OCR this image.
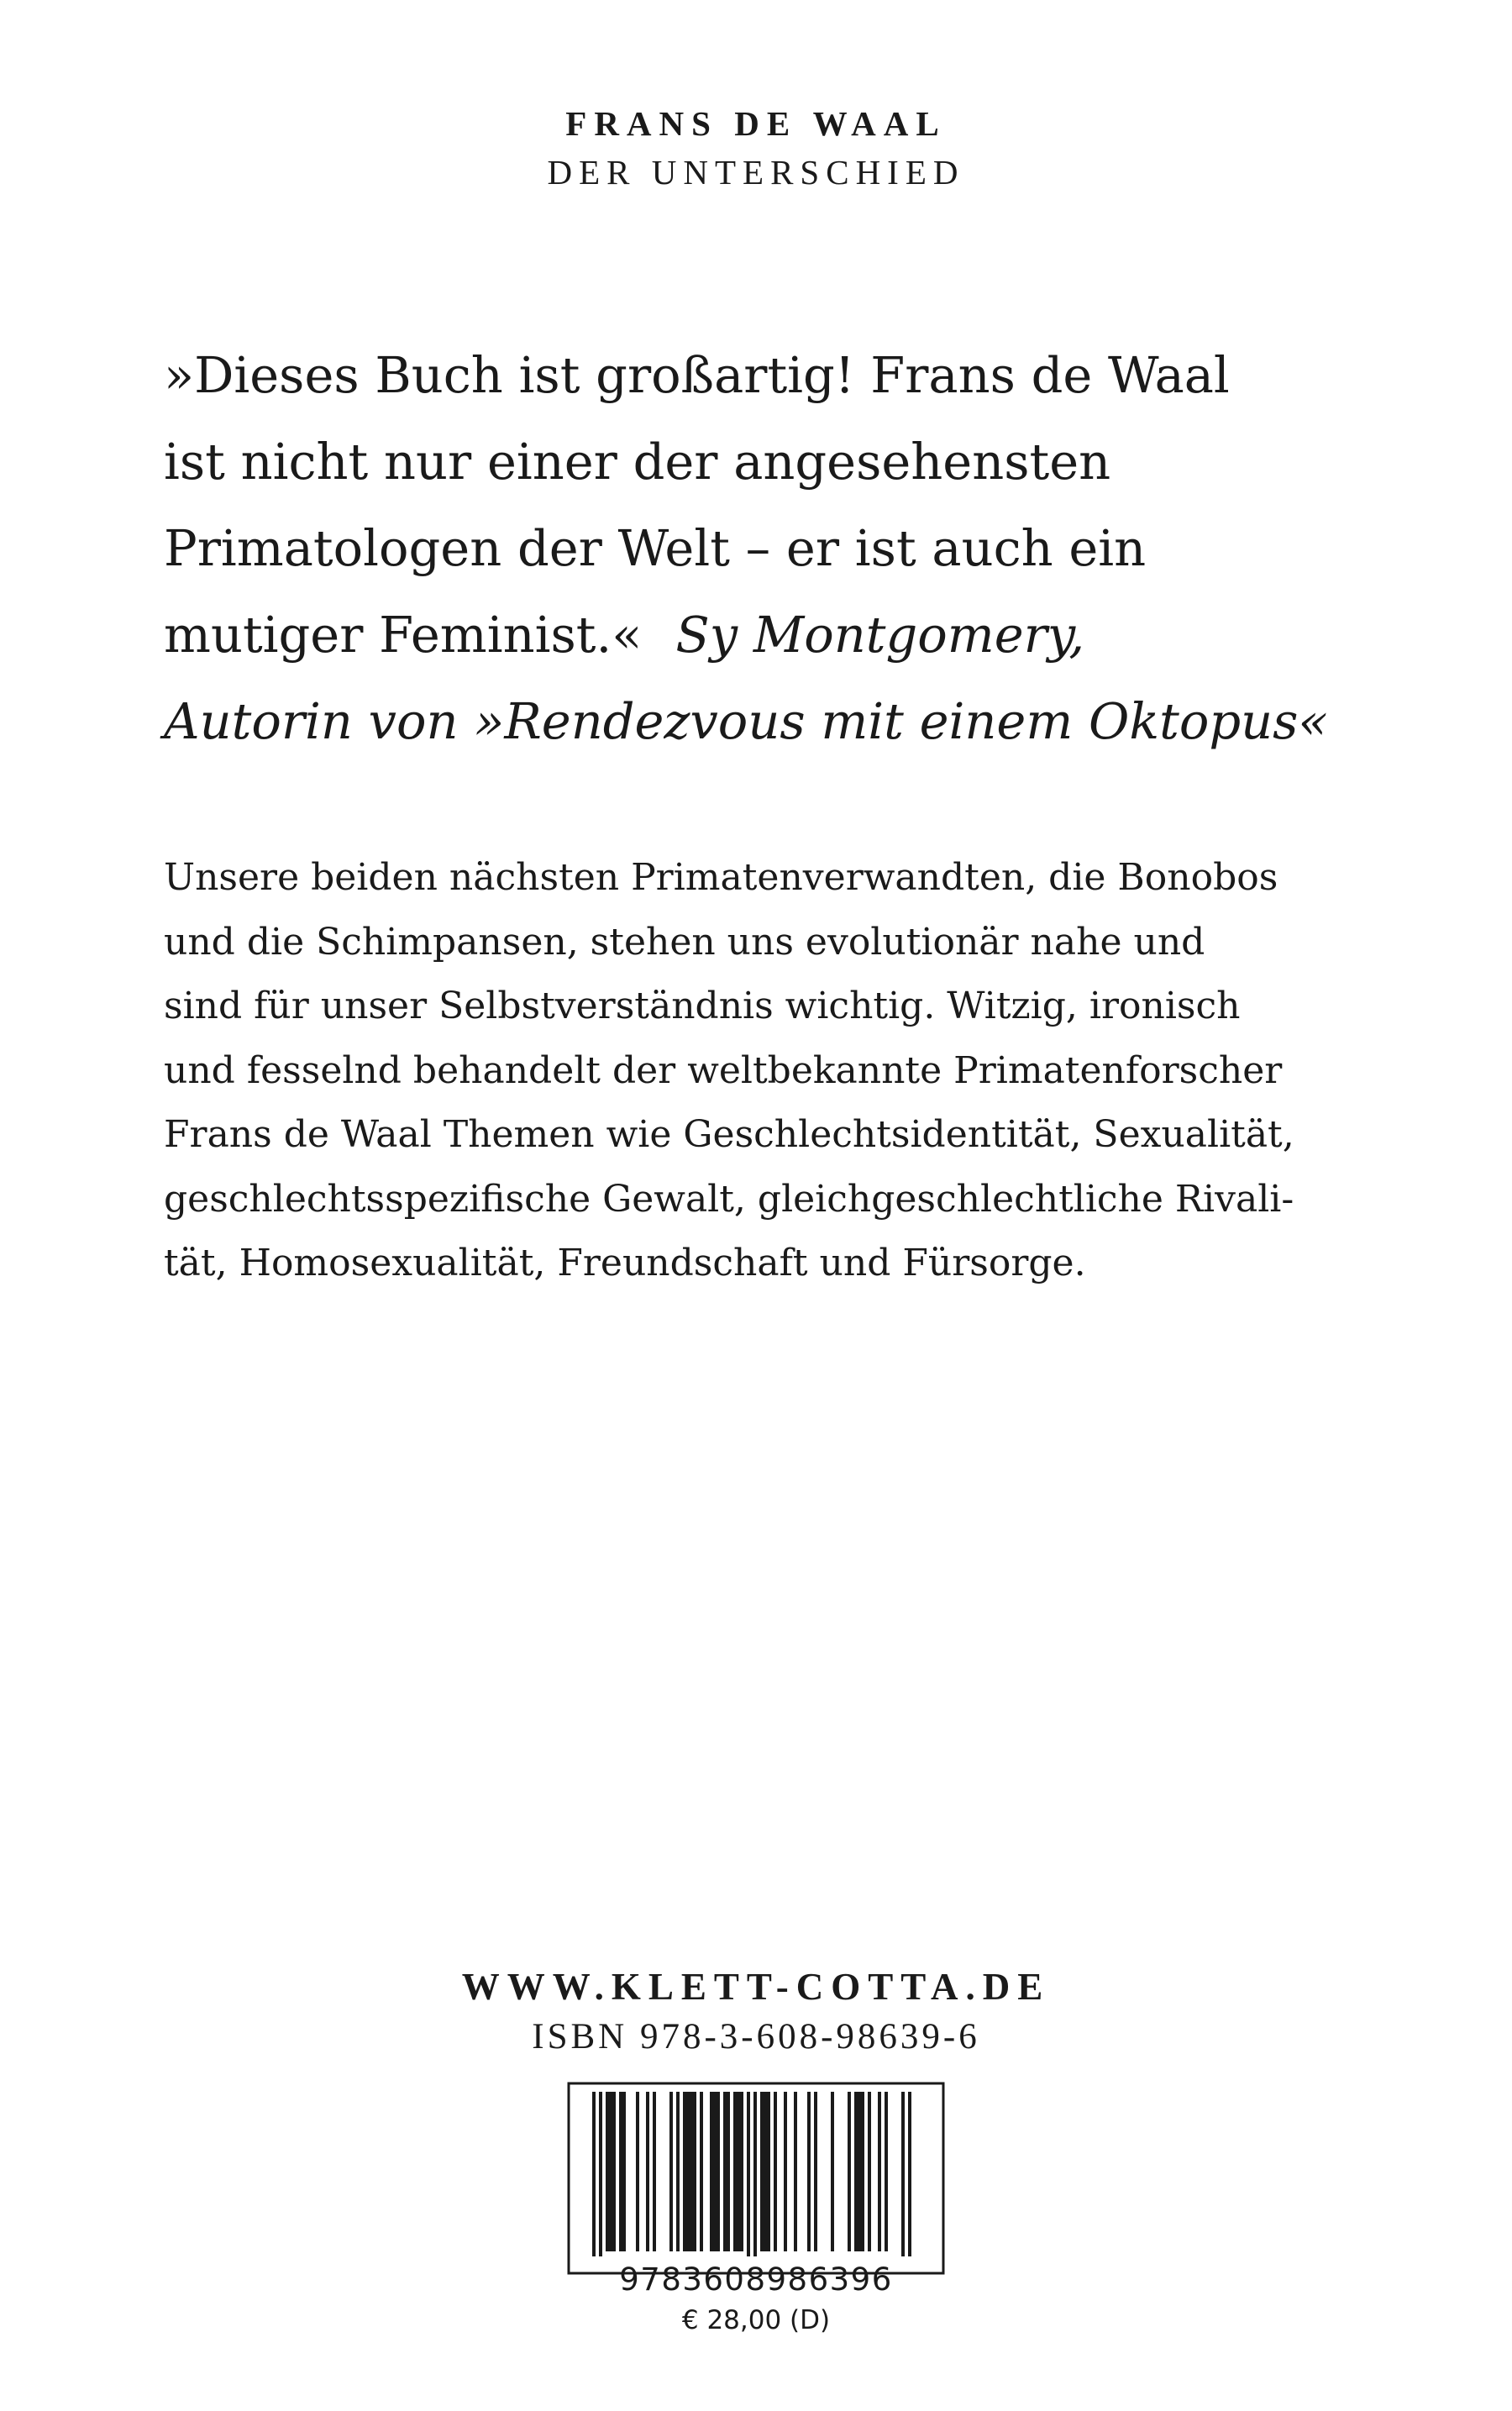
FRANS DE WAAL
DER UNTERSCHIED
»Dieses Buch ist großartig! Frans de Waal
ist nicht nur einer der angesehensten
Primatologen der Welt – er ist auch ein
mutiger Feminist.« Sy Montgomery,
Autorin von »Rendezvous mit einem Oktopus«
Unsere beiden nächsten Primatenverwandten, die Bonobos
und die Schimpansen, stehen uns evolutionär nahe und
sind für unser Selbstverständnis wichtig. Witzig, ironisch
und fesselnd behandelt der weltbekannte Primatenforscher
Frans de Waal Themen wie Geschlechtsidentität, Sexualität,
geschlechtsspezifische Gewalt, gleichgeschlechtliche Rivali-
tät, Homosexualität, Freundschaft und Fürsorge.
WWW.KLETT-COTTA.DE
ISBN 978-3-608-98639-6
9783608986396
€ 28,00 (D)
